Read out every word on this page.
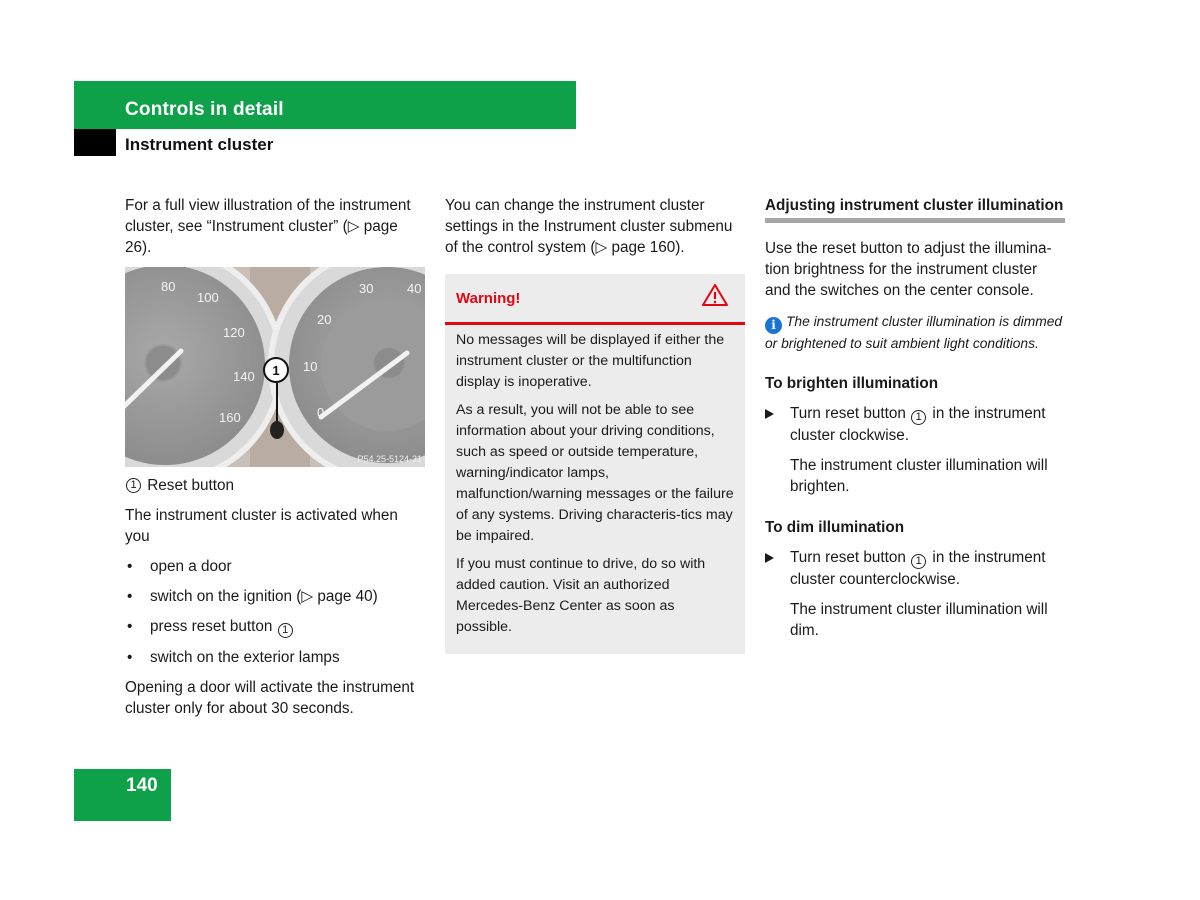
Controls in detail
Instrument cluster

For a full view illustration of the instrument cluster, see “Instrument cluster” (▷ page 26).

80
100
120
140
160
30	40
20
10
0
1
P54.25-5124-31

1
Reset button

The instrument cluster is activated when you

• open a door
• switch on the ignition (▷ page 40)
• press reset button 1
• switch on the exterior lamps

Opening a door will activate the instrument cluster only for about 30 seconds.

You can change the instrument cluster settings in the Instrument cluster submenu of the control system (▷ page 160).

Warning!

No messages will be displayed if either the instrument cluster or the multifunction display is inoperative.

As a result, you will not be able to see information about your driving conditions, such as speed or outside temperature, warning/indicator lamps, malfunction/warning messages or the failure of any systems. Driving characteris-tics may be impaired.

If you must continue to drive, do so with added caution. Visit an authorized Mercedes-Benz Center as soon as possible.

Adjusting instrument cluster illumination

Use the reset button to adjust the illumina-tion brightness for the instrument cluster and the switches on the center console.

i The instrument cluster illumination is dimmed or brightened to suit ambient light conditions.

To brighten illumination

Turn reset button 1 in the instrument cluster clockwise.

The instrument cluster illumination will brighten.

To dim illumination

Turn reset button 1 in the instrument cluster counterclockwise.

The instrument cluster illumination will dim.

140
